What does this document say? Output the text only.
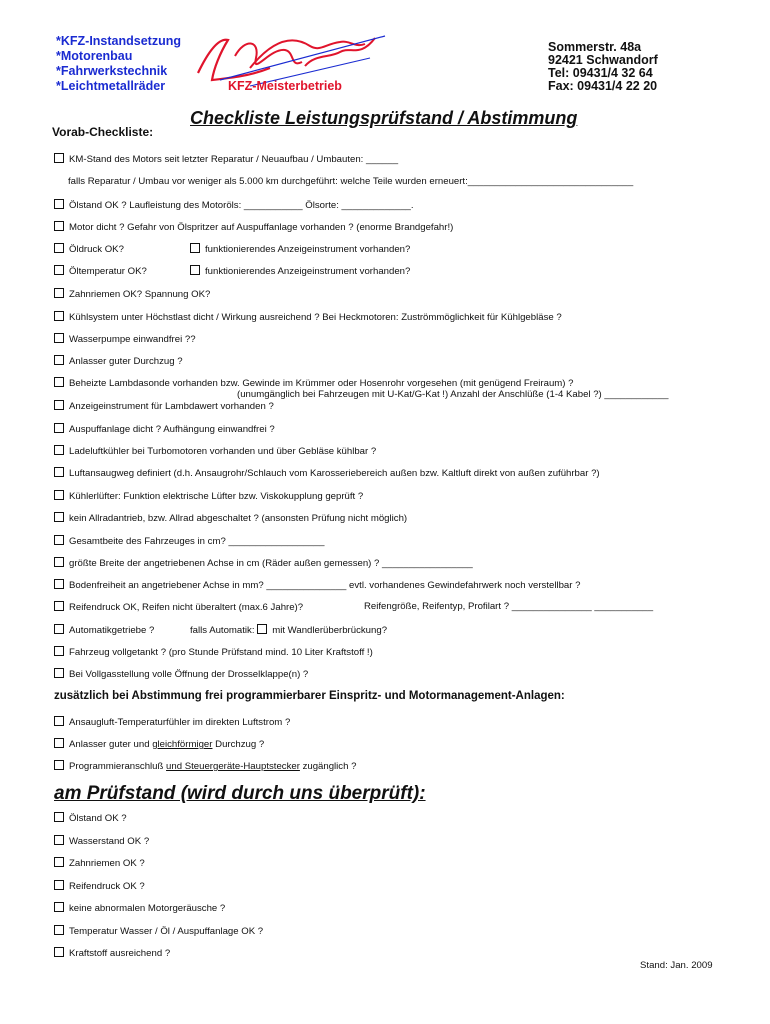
*KFZ-Instandsetzung
*Motorenbau
*Fahrwerkstechnik
*Leichtmetallräder	KFZ-Meisterbetrieb
Sommerstr. 48a
92421 Schwandorf
Tel: 09431/4 32 64
Fax: 09431/4 22 20
Checkliste Leistungsprüfstand / Abstimmung
Vorab-Checkliste:
KM-Stand des Motors seit letzter Reparatur / Neuaufbau / Umbauten: ______
falls Reparatur / Umbau vor weniger als 5.000 km durchgeführt: welche Teile wurden erneuert:_______________________________
Ölstand OK ? Laufleistung des Motoröls: ___________ Ölsorte: _____________.
Motor dicht ? Gefahr von Ölspritzer auf Auspuffanlage vorhanden ? (enorme Brandgefahr!)
Öldruck OK?	funktionierendes Anzeigeinstrument vorhanden?
Öltemperatur OK?	funktionierendes Anzeigeinstrument vorhanden?
Zahnriemen OK? Spannung OK?
Kühlsystem unter Höchstlast dicht / Wirkung ausreichend ? Bei Heckmotoren: Zuströmmöglichkeit für Kühlgebläse ?
Wasserpumpe einwandfrei ??
Anlasser guter Durchzug ?
Beheizte Lambdasonde vorhanden bzw. Gewinde im Krümmer oder Hosenrohr vorgesehen (mit genügend Freiraum) ?
(unumgänglich bei Fahrzeugen mit U-Kat/G-Kat !) Anzahl der Anschlüße (1-4 Kabel ?) ____________
Anzeigeinstrument für Lambdawert vorhanden ?
Auspuffanlage dicht ? Aufhängung einwandfrei ?
Ladeluftkühler bei Turbomotoren vorhanden und über Gebläse kühlbar ?
Luftansaugweg definiert (d.h. Ansaugrohr/Schlauch vom Karosseriebereich außen bzw. Kaltluft direkt von außen zuführbar ?)
Kühlerlüfter: Funktion elektrische Lüfter bzw. Viskokupplung geprüft ?
kein Allradantrieb, bzw. Allrad abgeschaltet ? (ansonsten Prüfung nicht möglich)
Gesamtbeite des Fahrzeuges in cm? __________________
größte Breite der angetriebenen Achse in cm (Räder außen gemessen) ? _________________
Bodenfreiheit an angetriebener Achse in mm? _______________ evtl. vorhandenes Gewindefahrwerk noch verstellbar ?
Reifendruck OK, Reifen nicht überaltert (max.6 Jahre)?	Reifengröße, Reifentyp, Profilart ? _______________ ___________
Automatikgetriebe ?	falls Automatik: mit Wandlerüberbrückung?
Fahrzeug vollgetankt ? (pro Stunde Prüfstand mind. 10 Liter Kraftstoff !)
Bei Vollgasstellung volle Öffnung der Drosselklappe(n) ?
zusätzlich bei Abstimmung frei programmierbarer Einspritz- und Motormanagement-Anlagen:
Ansaugluft-Temperaturfühler im direkten Luftstrom ?
Anlasser guter und gleichförmiger Durchzug ?
Programmieranschluß und Steuergeräte-Hauptstecker zugänglich ?
am Prüfstand (wird durch uns überprüft):
Ölstand OK ?
Wasserstand OK ?
Zahnriemen OK ?
Reifendruck OK ?
keine abnormalen Motorgeräusche ?
Temperatur Wasser / Öl / Auspuffanlage OK ?
Kraftstoff ausreichend ?
Stand: Jan. 2009
